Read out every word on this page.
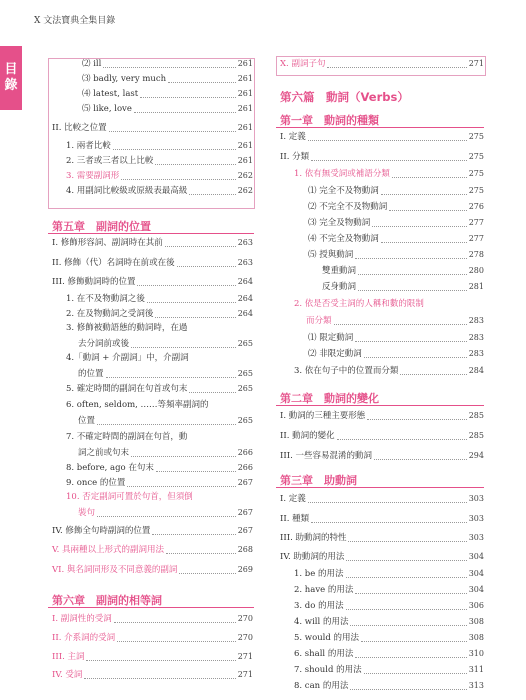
X 文法寶典全集目錄
目
錄
第五章　副詞的位置
第六章　副詞的相等詞
⑵ ill	261
⑶ badly, very much	261
⑷ latest, last	261
⑸ like, love	261
II. 比較之位置	261
1. 兩者比較	261
2. 三者或三者以上比較	261
3. 需要副詞形	262
4. 用副詞比較級或原級表最高級	262
I. 修飾形容詞、副詞時在其前	263
II. 修飾（代）名詞時在前或在後	263
III. 修飾動詞時的位置	264
1. 在不及物動詞之後	264
2. 在及物動詞之受詞後	264
3. 修飾被動語態的動詞時，在過
去分詞前或後	265
4.「動詞 + 介副詞」中，介副詞
的位置	265
5. 確定時間的副詞在句首或句末	265
6. often, seldom, ……等頻率副詞的
位置	265
7. 不確定時間的副詞在句首，動
詞之前或句末	266
8. before, ago 在句末	266
9. once 的位置	267
10. 否定副詞可置於句首，但須倒
裝句	267
IV. 修飾全句時副詞的位置	267
V. 具兩種以上形式的副詞用法	268
VI. 與名詞同形及不同意義的副詞	269
I. 副詞性的受詞	270
II. 介系詞的受詞	270
III. 主詞	271
IV. 受詞	271
第六篇　動詞（Verbs）
第一章　動詞的種類
第二章　動詞的變化
第三章　助動詞
X. 副詞子句	271
I. 定義	275
II. 分類	275
1. 依有無受詞或補語分類	275
⑴ 完全不及物動詞	275
⑵ 不完全不及物動詞	276
⑶ 完全及物動詞	277
⑷ 不完全及物動詞	277
⑸ 授與動詞	278
雙重動詞	280
反身動詞	281
2. 依是否受主詞的人稱和數的限制
而分類	283
⑴ 限定動詞	283
⑵ 非限定動詞	283
3. 依在句子中的位置而分類	284
I. 動詞的三種主要形態	285
II. 動詞的變化	285
III. 一些容易混淆的動詞	294
I. 定義	303
II. 種類	303
III. 助動詞的特性	303
IV. 助動詞的用法	304
1. be 的用法	304
2. have 的用法	304
3. do 的用法	306
4. will 的用法	308
5. would 的用法	308
6. shall 的用法	310
7. should 的用法	311
8. can 的用法	313
